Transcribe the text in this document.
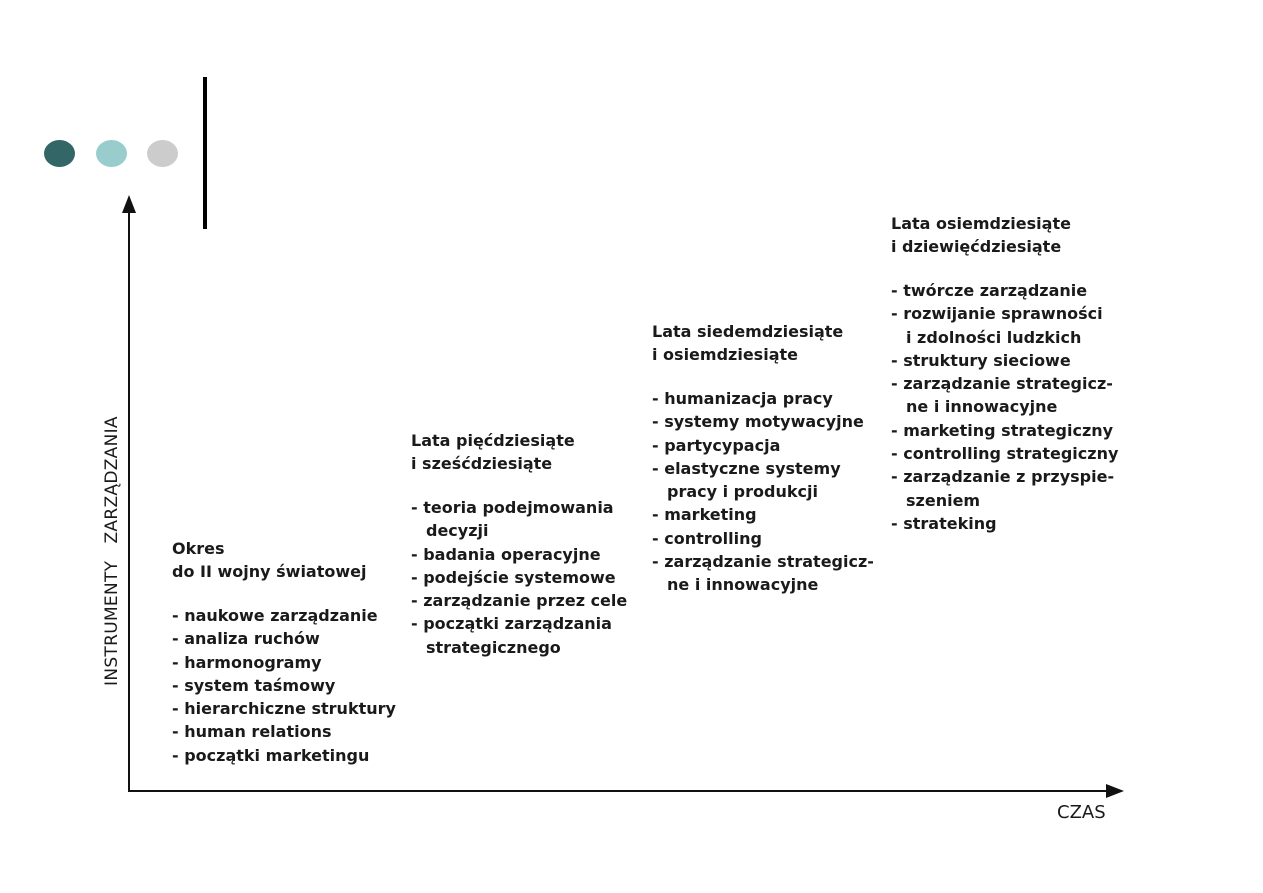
INSTRUMENTY   ZARZĄDZANIA
CZAS
Okres
do II wojny światowej
- naukowe zarządzanie
- analiza ruchów
- harmonogramy
- system taśmowy
- hierarchiczne struktury
- human relations
- początki marketingu
Lata pięćdziesiąte
i sześćdziesiąte
- teoria podejmowania
decyzji
- badania operacyjne
- podejście systemowe
- zarządzanie przez cele
- początki zarządzania
strategicznego
Lata siedemdziesiąte
i osiemdziesiąte
- humanizacja pracy
- systemy motywacyjne
- partycypacja
- elastyczne systemy
pracy i produkcji
- marketing
- controlling
- zarządzanie strategicz-
ne i innowacyjne
Lata osiemdziesiąte
i dziewięćdziesiąte
- twórcze zarządzanie
- rozwijanie sprawności
i zdolności ludzkich
- struktury sieciowe
- zarządzanie strategicz-
ne i innowacyjne
- marketing strategiczny
- controlling strategiczny
- zarządzanie z przyspie-
szeniem
- strateking
